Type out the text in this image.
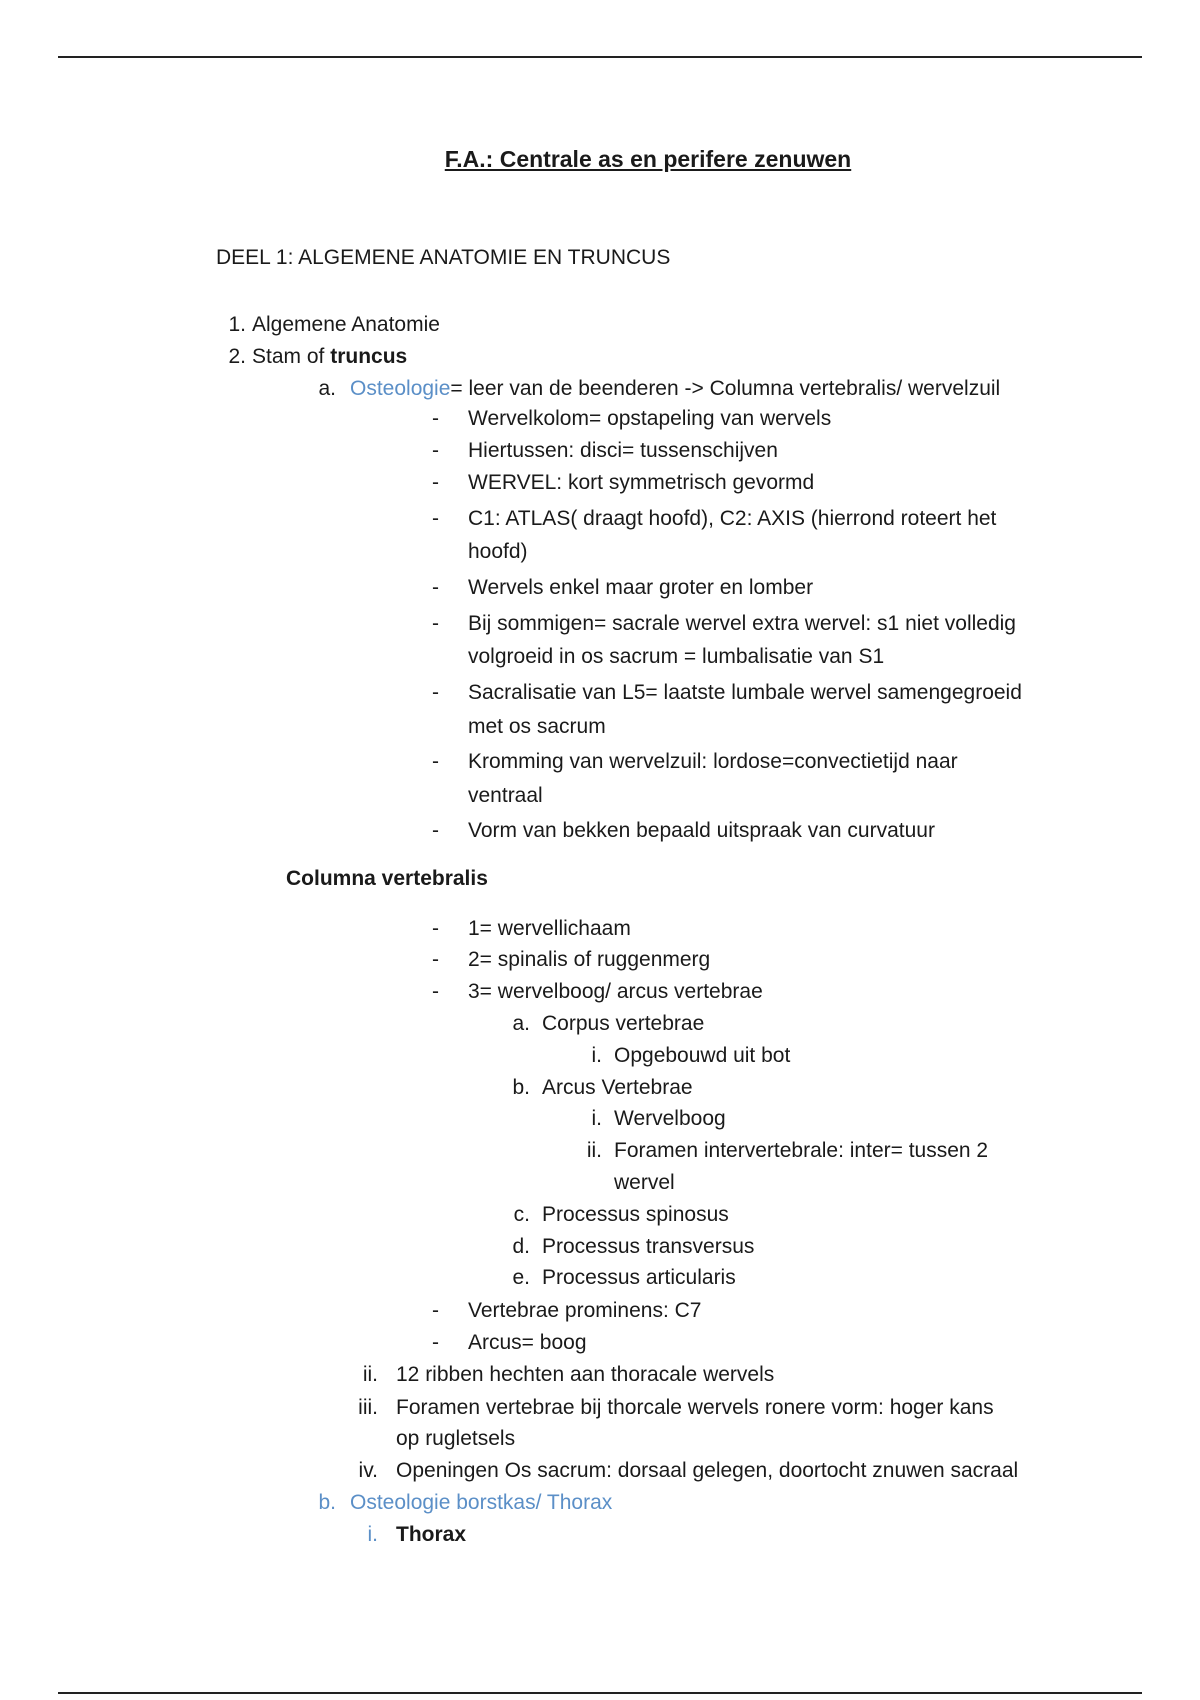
F.A.: Centrale as en perifere zenuwen
DEEL 1: ALGEMENE ANATOMIE EN TRUNCUS
1. Algemene Anatomie
2. Stam of truncus
a. Osteologie= leer van de beenderen -> Columna vertebralis/ wervelzuil
-	Wervelkolom= opstapeling van wervels
-	Hiertussen: disci= tussenschijven
-	WERVEL: kort symmetrisch gevormd
-	C1: ATLAS( draagt hoofd), C2: AXIS (hierrond roteert het
hoofd)
-	Wervels enkel maar groter en lomber
-	Bij sommigen= sacrale wervel extra wervel: s1 niet volledig
volgroeid in os sacrum = lumbalisatie van S1
-	Sacralisatie van L5= laatste lumbale wervel samengegroeid
met os sacrum
-	Kromming van wervelzuil: lordose=convectietijd naar
ventraal
-	Vorm van bekken bepaald uitspraak van curvatuur
Columna vertebralis
-	1= wervellichaam
-	2= spinalis of ruggenmerg
-	3= wervelboog/ arcus vertebrae
a. Corpus vertebrae
i. Opgebouwd uit bot
b. Arcus Vertebrae
i. Wervelboog
ii. Foramen intervertebrale: inter= tussen 2
wervel
c. Processus spinosus
d. Processus transversus
e. Processus articularis
-	Vertebrae prominens: C7
-	Arcus= boog
ii. 12 ribben hechten aan thoracale wervels
iii. Foramen vertebrae bij thorcale wervels ronere vorm: hoger kans
op rugletsels
iv. Openingen Os sacrum: dorsaal gelegen, doortocht znuwen sacraal
b. Osteologie borstkas/ Thorax
i. Thorax
